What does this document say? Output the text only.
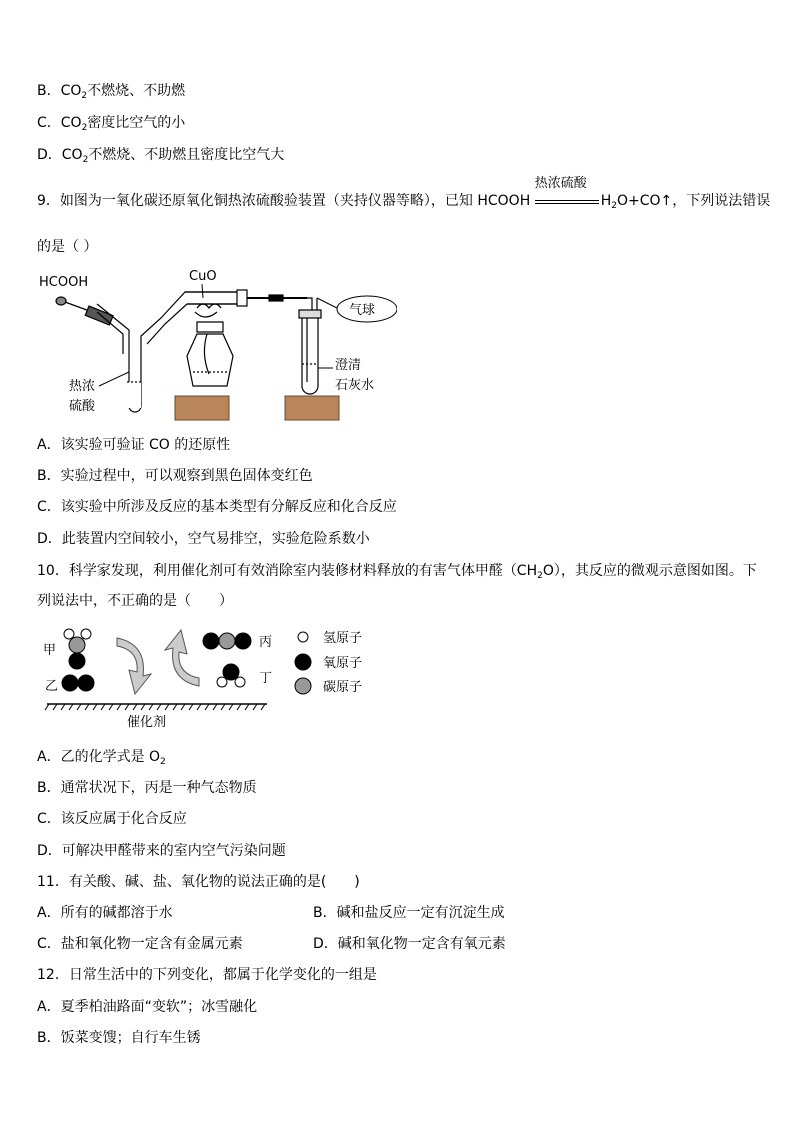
B．$CO_2$不燃烧、不助燃
C．$CO_2$密度比空气的小
D．$CO_2$不燃烧、不助燃且密度比空气大
9．如图为一氧化碳还原氧化铜热浓硫酸验装置（夹持仪器等略），已知 HCOOH
热浓硫酸
$H_2O+CO↑$，下列说法错误
的是（ ）
HCOOH	CuO
气球
热浓
硫酸
澄清
石灰水
A．该实验可验证 CO 的还原性
B．实验过程中，可以观察到黑色固体变红色
C．该实验中所涉及反应的基本类型有分解反应和化合反应
D．此装置内空间较小，空气易排空，实验危险系数小
10．科学家发现，利用催化剂可有效消除室内装修材料释放的有害气体甲醛$(CH_2O)$，其反应的微观示意图如图。下
列说法中，不正确的是（　　）
甲
乙
丙
丁
催化剂
氢原子
氧原子
碳原子
A．乙的化学式是 $O_2$
B．通常状况下，丙是一种气态物质
C．该反应属于化合反应
D．可解决甲醛带来的室内空气污染问题
11．有关酸、碱、盐、氧化物的说法正确的是(　　)
A．所有的碱都溶于水	B．碱和盐反应一定有沉淀生成
C．盐和氧化物一定含有金属元素	D．碱和氧化物一定含有氧元素
12．日常生活中的下列变化，都属于化学变化的一组是
A．夏季柏油路面“变软”；冰雪融化
B．饭菜变馊；自行车生锈
